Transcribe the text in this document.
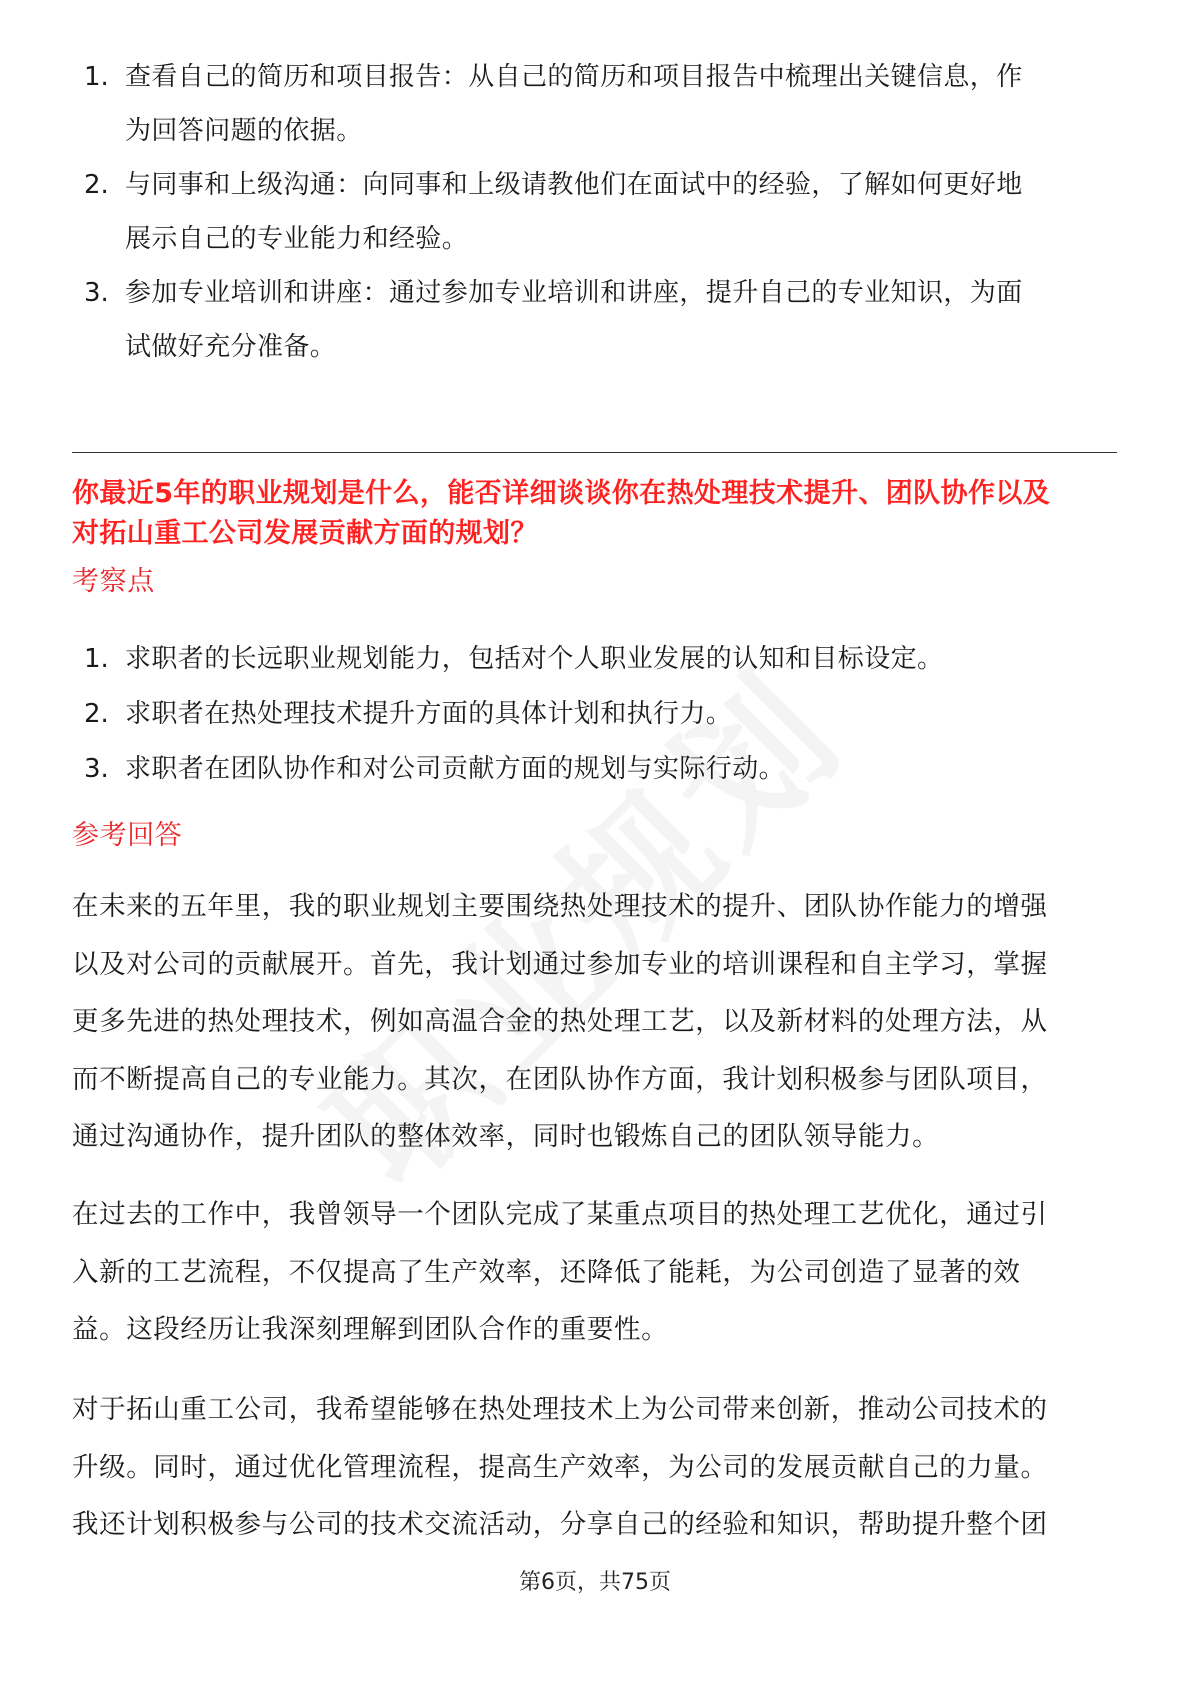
1. 查看自己的简历和项目报告：从自己的简历和项目报告中梳理出关键信息，作
为回答问题的依据。
2. 与同事和上级沟通：向同事和上级请教他们在面试中的经验，了解如何更好地
展示自己的专业能力和经验。
3. 参加专业培训和讲座：通过参加专业培训和讲座，提升自己的专业知识，为面
试做好充分准备。
你最近5年的职业规划是什么，能否详细谈谈你在热处理技术提升、团队协作以及
对拓山重工公司发展贡献方面的规划？
考察点
1. 求职者的长远职业规划能力，包括对个人职业发展的认知和目标设定。
2. 求职者在热处理技术提升方面的具体计划和执行力。
3. 求职者在团队协作和对公司贡献方面的规划与实际行动。
参考回答
在未来的五年里，我的职业规划主要围绕热处理技术的提升、团队协作能力的增强
以及对公司的贡献展开。首先，我计划通过参加专业的培训课程和自主学习，掌握
更多先进的热处理技术，例如高温合金的热处理工艺，以及新材料的处理方法，从
而不断提高自己的专业能力。其次，在团队协作方面，我计划积极参与团队项目，
通过沟通协作，提升团队的整体效率，同时也锻炼自己的团队领导能力。
在过去的工作中，我曾领导一个团队完成了某重点项目的热处理工艺优化，通过引
入新的工艺流程，不仅提高了生产效率，还降低了能耗，为公司创造了显著的效
益。这段经历让我深刻理解到团队合作的重要性。
对于拓山重工公司，我希望能够在热处理技术上为公司带来创新，推动公司技术的
升级。同时，通过优化管理流程，提高生产效率，为公司的发展贡献自己的力量。
我还计划积极参与公司的技术交流活动，分享自己的经验和知识，帮助提升整个团
第6页，共75页
